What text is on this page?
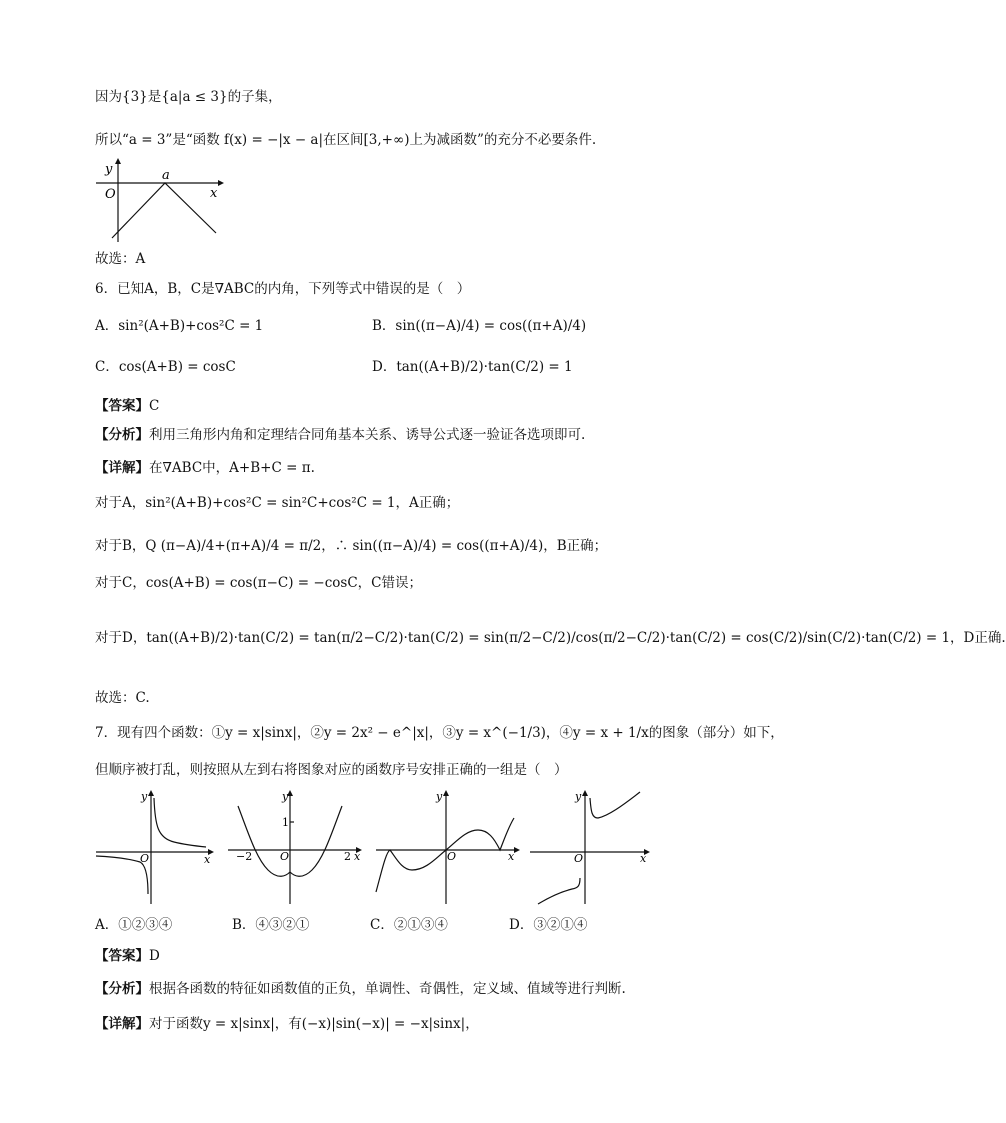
因为{3}是{a|a ≤ 3}的子集，
所以“a = 3”是“函数 f(x) = −|x − a|在区间[3,+∞)上为减函数”的充分不必要条件.
y
x
O
a
故选：A
6．已知A，B，C是∇ABC的内角，下列等式中错误的是（　）
A．sin²(A+B)+cos²C = 1	B．sin((π−A)/4) = cos((π+A)/4)
C．cos(A+B) = cosC	D．tan((A+B)/2)·tan(C/2) = 1
【答案】C
【分析】利用三角形内角和定理结合同角基本关系、诱导公式逐一验证各选项即可.
【详解】在∇ABC中，A+B+C = π.
对于A，sin²(A+B)+cos²C = sin²C+cos²C = 1，A正确；
对于B，Q (π−A)/4+(π+A)/4 = π/2，∴ sin((π−A)/4) = cos((π+A)/4)，B正确；
对于C，cos(A+B) = cos(π−C) = −cosC，C错误；
对于D，tan((A+B)/2)·tan(C/2) = tan(π/2−C/2)·tan(C/2) = sin(π/2−C/2)/cos(π/2−C/2)·tan(C/2) = cos(C/2)/sin(C/2)·tan(C/2) = 1，D正确.
故选：C.
7．现有四个函数：①y = x|sinx|，②y = 2x² − e^|x|，③y = x^(−1/3)，④y = x + 1/x的图象（部分）如下，
但顺序被打乱，则按照从左到右将图象对应的函数序号安排正确的一组是（　）
y
x
O
y
x
O
1
−2	2
y
x
O
y
x
O
A．①②③④	B．④③②①	C．②①③④	D．③②①④
【答案】D
【分析】根据各函数的特征如函数值的正负，单调性、奇偶性，定义域、值域等进行判断.
【详解】对于函数y = x|sinx|，有(−x)|sin(−x)| = −x|sinx|，
